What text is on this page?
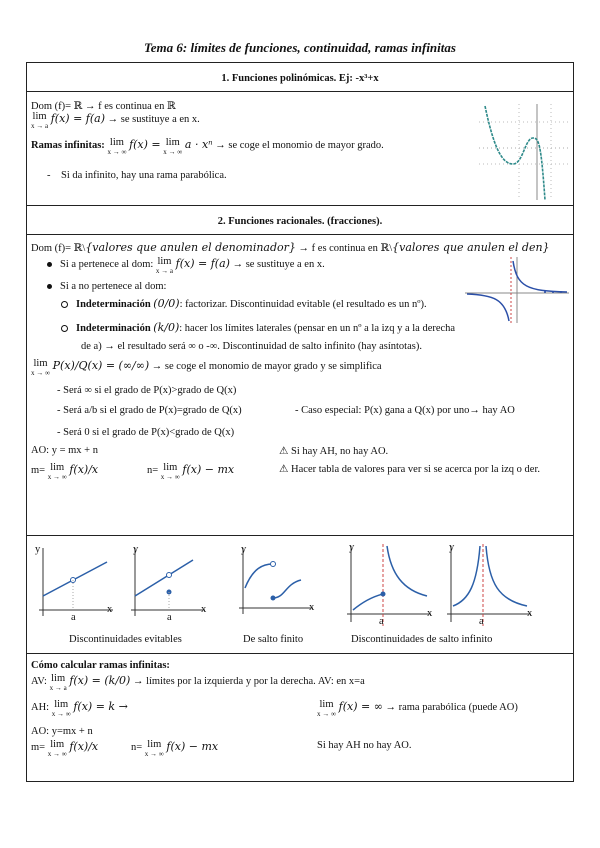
Tema 6: límites de funciones, continuidad, ramas infinitas
1. Funciones polinómicas. Ej: -x³+x
Dom (f)= ℝ → f es continua en ℝ
lim
x → a
f(x) = f(a) → se sustituye a en x.
Ramas infinitas: lim
x → ∞
f(x) = lim
x → ∞
a · xⁿ → se coge el monomio de mayor grado.
- Si da infinito, hay una rama parabólica.
2. Funciones racionales. (fracciones).
Dom (f)= ℝ\{valores que anulen el denominador} → f es continua en ℝ\{valores que anulen el den}
Si a pertenece al dom: lim
x → a
f(x) = f(a) → se sustituye a en x.
Si a no pertenece al dom:
Indeterminación (0/0): factorizar. Discontinuidad evitable (el resultado es un nº).
Indeterminación (k/0): hacer los límites laterales (pensar en un nº a la izq y a la derecha
de a) → el resultado será ∞ o -∞. Discontinuidad de salto infinito (hay asíntotas).
lim
x → ∞
P(x)/Q(x) = (∞/∞) → se coge el monomio de mayor grado y se simplifica
- Será ∞ si el grado de P(x)>grado de Q(x)
- Será a/b si el grado de P(x)=grado de Q(x)	- Caso especial: P(x) gana a Q(x) por uno→ hay AO
- Será 0 si el grado de P(x)<grado de Q(x)
AO: y = mx + n	⚠ Si hay AH, no hay AO.
m= lim
x → ∞
f(x)/x	n= lim
x → ∞
f(x) − mx	⚠ Hacer tabla de valores para ver si se acerca por la izq o der.
y
x
a
y
x
a
y
x
y
x
a
y
x
a
Discontinuidades evitables	De salto finito	Discontinuidades de salto infinito
Cómo calcular ramas infinitas:
AV: lim
x → a
f(x) = (k/0) → límites por la izquierda y por la derecha. AV: en x=a
AH: lim
x → ∞
f(x) = k →	lim
x → ∞
f(x) = ∞ → rama parabólica (puede AO)
AO: y=mx + n
m= lim
x → ∞
f(x)/x	n= lim
x → ∞
f(x) − mx	Si hay AH no hay AO.
